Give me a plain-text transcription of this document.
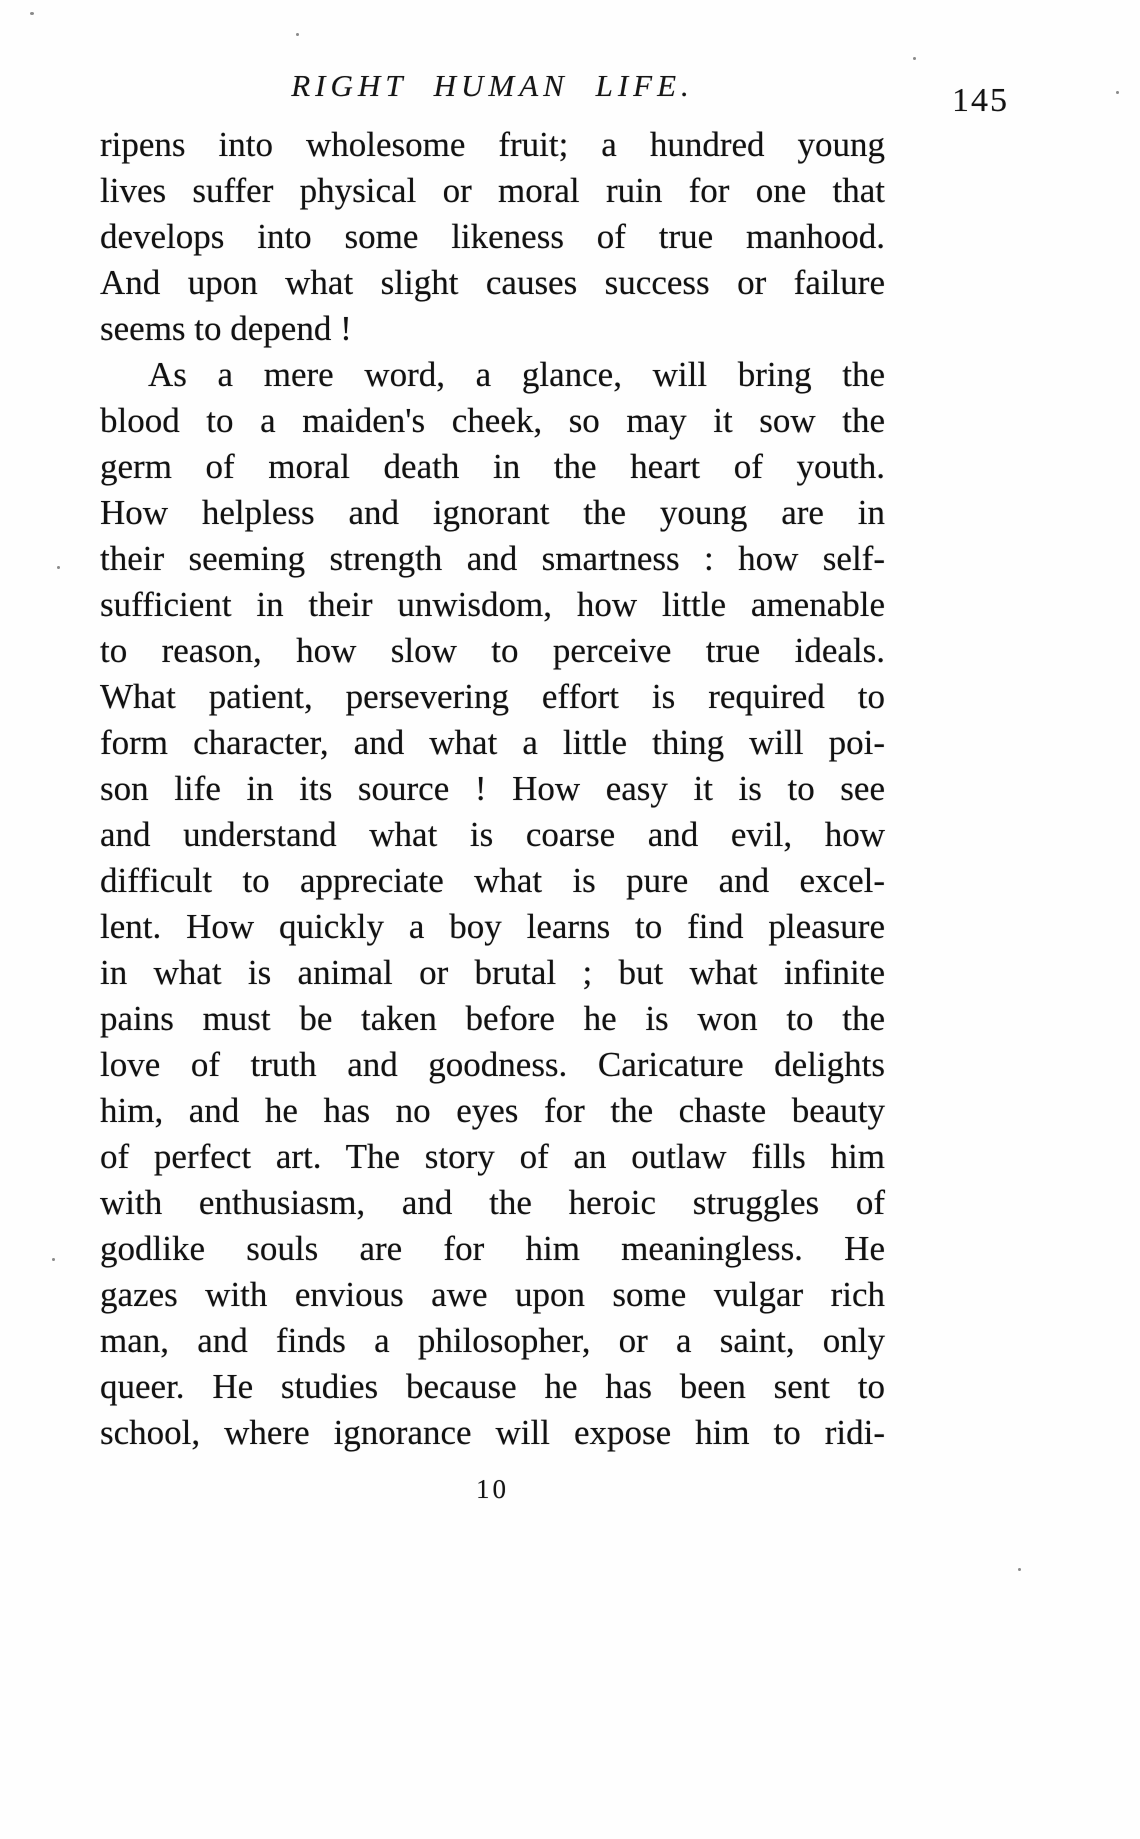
RIGHT HUMAN LIFE.	145
ripens into wholesome fruit; a hundred young
lives suffer physical or moral ruin for one that
develops into some likeness of true manhood.
And upon what slight causes success or failure
seems to depend !
As a mere word, a glance, will bring the
blood to a maiden's cheek, so may it sow the
germ of moral death in the heart of youth.
How helpless and ignorant the young are in
their seeming strength and smartness : how self-
sufficient in their unwisdom, how little amenable
to reason, how slow to perceive true ideals.
What patient, persevering effort is required to
form character, and what a little thing will poi-
son life in its source ! How easy it is to see
and understand what is coarse and evil, how
difficult to appreciate what is pure and excel-
lent. How quickly a boy learns to find pleasure
in what is animal or brutal ; but what infinite
pains must be taken before he is won to the
love of truth and goodness. Caricature delights
him, and he has no eyes for the chaste beauty
of perfect art. The story of an outlaw fills him
with enthusiasm, and the heroic struggles of
godlike souls are for him meaningless. He
gazes with envious awe upon some vulgar rich
man, and finds a philosopher, or a saint, only
queer. He studies because he has been sent to
school, where ignorance will expose him to ridi-
10
